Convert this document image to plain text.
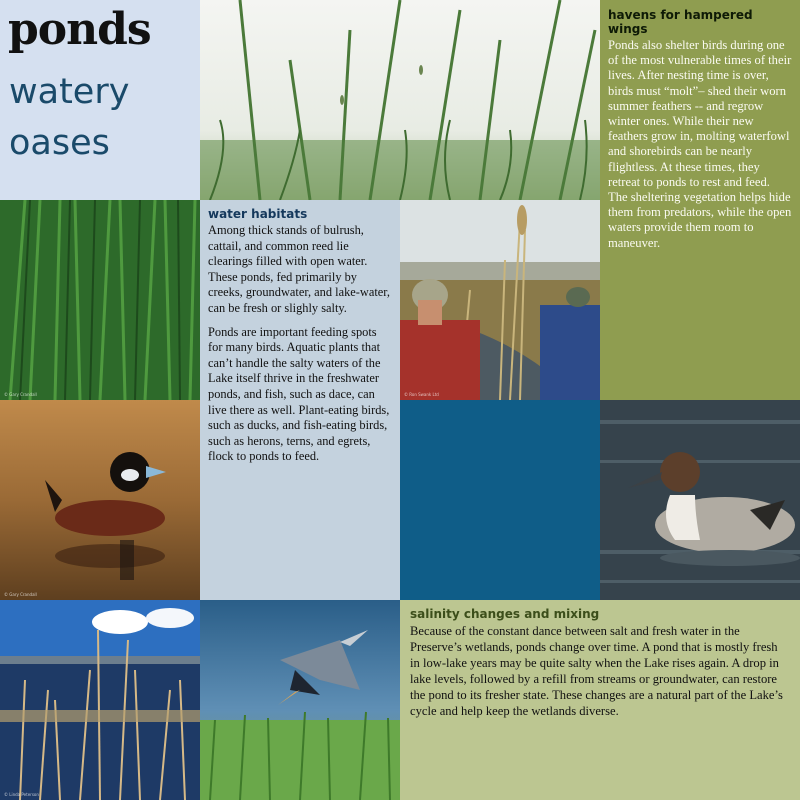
ponds
watery
oases
havens for hampered wings

Ponds also shelter birds during one of the most vulnerable times of their lives. After nesting time is over, birds must “molt”– shed their worn summer feathers -- and regrow winter ones. While their new feathers grow in, molting waterfowl and shorebirds can be nearly flightless. At these times, they retreat to ponds to rest and feed. The sheltering vegetation helps hide them from predators, while the open waters provide them room to maneuver.

© Gary Crandall
water habitats

Among thick stands of bulrush, cattail, and common reed lie clearings filled with open water. These ponds, fed primarily by creeks, groundwater, and lake-water, can be fresh or slighly salty.

Ponds are important feeding spots for many birds. Aquatic plants that can’t handle the salty waters of the Lake itself thrive in the freshwater ponds, and fish, such as dace, can live there as well. Plant-eating birds, such as ducks, and fish-eating birds, such as herons, terns, and egrets, flock to ponds to feed.

© Ron Swank Ltd
© Gary Crandall
© Linda Peterson
salinity changes and mixing

Because of the constant dance between salt and fresh water in the Preserve’s wetlands, ponds change over time. A pond that is mostly fresh in low-lake years may be quite salty when the Lake rises again. A drop in lake levels, followed by a refill from streams or groundwater, can restore the pond to its fresher state. These changes are a natural part of the Lake’s cycle and help keep the wetlands diverse.
